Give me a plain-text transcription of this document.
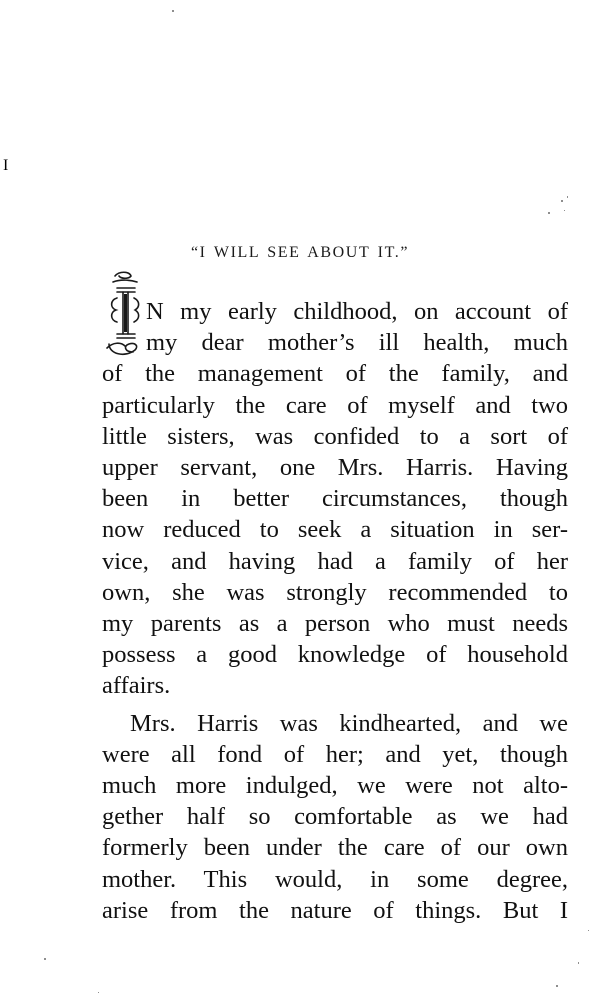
“I WILL SEE ABOUT IT.”
I
N my early childhood, on account of
my dear mother’s ill health, much
of the management of the family, and
particularly the care of myself and two
little sisters, was confided to a sort of
upper servant, one Mrs. Harris. Having
been in better circumstances, though
now reduced to seek a situation in ser-
vice, and having had a family of her
own, she was strongly recommended to
my parents as a person who must needs
possess a good knowledge of household
affairs.
Mrs. Harris was kindhearted, and we
were all fond of her; and yet, though
much more indulged, we were not alto-
gether half so comfortable as we had
formerly been under the care of our own
mother. This would, in some degree,
arise from the nature of things. But I
